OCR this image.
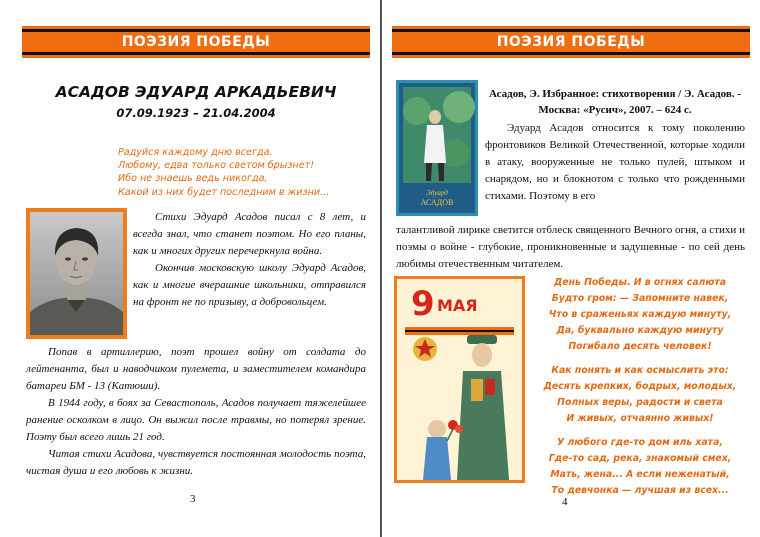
ПОЭЗИЯ ПОБЕДЫ
АСАДОВ ЭДУАРД АРКАДЬЕВИЧ
07.09.1923 – 21.04.2004
Радуйся каждому дню всегда.
Любому, едва только светом брызнет!
Ибо не знаешь ведь никогда,
Какой из них будет последним в жизни...

Стихи Эдуард Асадов писал с 8 лет, и всегда знал, что станет поэтом. Но его планы, как и многих других перечеркнула война.

Окончив московскую школу Эдуард Асадов, как и многие вчерашние школьники, отправился на фронт не по призыву, а добровольцем.

Попав в артиллерию, поэт прошел войну от солдата до лейтенанта, был и наводчиком пулемета, и заместителем командира батареи БМ - 13 (Катюши).

В 1944 году, в боях за Севастополь, Асадов получает тяжелейшее ранение осколком в лицо. Он выжил после травмы, но потерял зрение. Поэту был всего лишь 21 год.

Читая стихи Асадова, чувствуется постоянная молодость поэта, чистая душа и его любовь к жизни.

3
ПОЭЗИЯ ПОБЕДЫ
Эдуард
АСАДОВ
Асадов, Э. Избранное: стихотворения / Э. Асадов. - Москва: «Русич», 2007. – 624 с.

Эдуард Асадов относится к тому поколению фронтовиков Великой Отечественной, которые ходили в атаку, вооруженные не только пулей, штыком и снарядом, но и блокнотом с только что рожденными стихами. Поэтому в его

талантливой лирике светится отблеск священного Вечного огня, а стихи и поэмы о войне - глубокие, проникновенные и задушевные - по сей день любимы отечественным читателем.
9 МАЯ
День Победы. И в огнях салюта
Будто гром: — Запомните навек,
Что в сраженьях каждую минуту,
Да, буквально каждую минуту
Погибало десять человек!
Как понять и как осмыслить это:
Десять крепких, бодрых, молодых,
Полных веры, радости и света
И живых, отчаянно живых!
У любого где-то дом иль хата,
Где-то сад, река, знакомый смех,
Мать, жена... А если неженатый,
То девчонка — лучшая из всех...
4
